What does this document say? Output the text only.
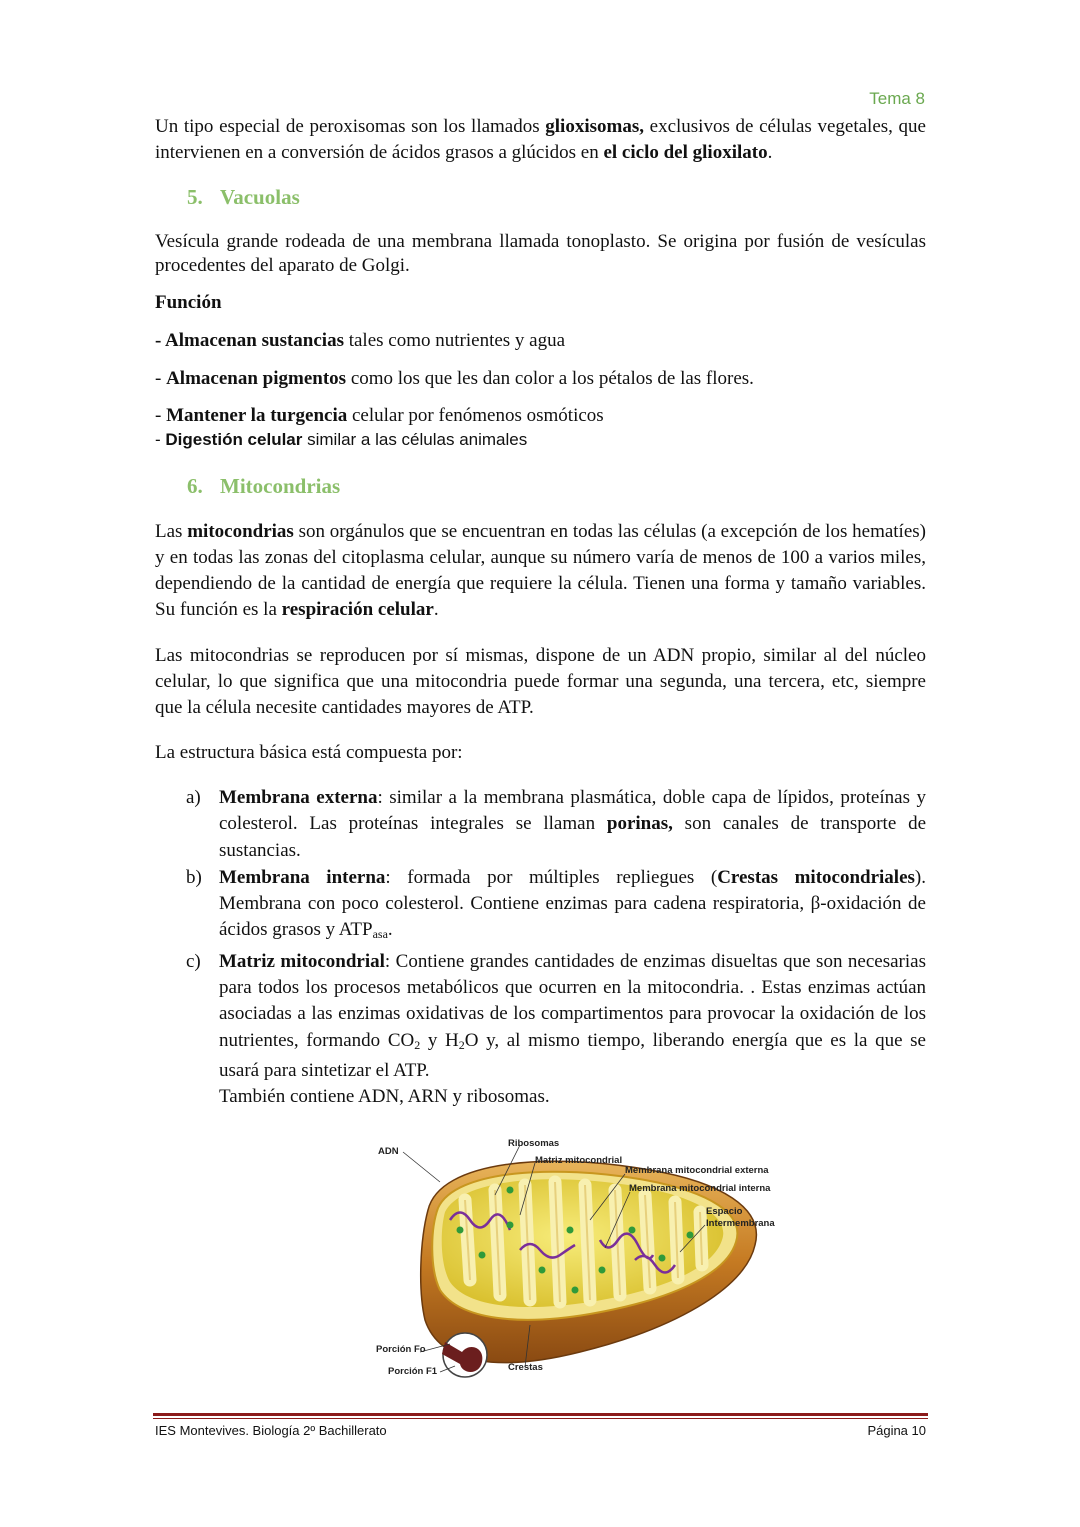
Tema 8

Un tipo especial de peroxisomas son los llamados glioxisomas, exclusivos de células vegetales, que intervienen en a conversión de ácidos grasos a glúcidos en el ciclo del glioxilato.

5. Vacuolas

Vesícula grande rodeada de una membrana llamada tonoplasto. Se origina por fusión de vesículas procedentes del aparato de Golgi.

Función

- Almacenan sustancias tales como nutrientes y agua

- Almacenan pigmentos como los que les dan color a los pétalos de las flores.

- Mantener la turgencia celular por fenómenos osmóticos

- Digestión celular similar a las células animales

6. Mitocondrias

Las mitocondrias son orgánulos que se encuentran en todas las células (a excepción de los hematíes) y en todas las zonas del citoplasma celular, aunque su número varía de menos de 100 a varios miles, dependiendo de la cantidad de energía que requiere la célula. Tienen una forma y tamaño variables. Su función es la respiración celular.

Las mitocondrias se reproducen por sí mismas, dispone de un ADN propio, similar al del núcleo celular, lo que significa que una mitocondria puede formar una segunda, una tercera, etc, siempre que la célula necesite cantidades mayores de ATP.

La estructura básica está compuesta por:

a) Membrana externa: similar a la membrana plasmática, doble capa de lípidos, proteínas y colesterol. Las proteínas integrales se llaman porinas, son canales de transporte de sustancias.
b) Membrana interna: formada por múltiples repliegues (Crestas mitocondriales). Membrana con poco colesterol. Contiene enzimas para cadena respiratoria, β-oxidación de ácidos grasos y $ATP_{asa}$.
c) Matriz mitocondrial: Contiene grandes cantidades de enzimas disueltas que son necesarias para todos los procesos metabólicos que ocurren en la mitocondria. . Estas enzimas actúan asociadas a las enzimas oxidativas de los compartimentos para provocar la oxidación de los nutrientes, formando $CO_2$ y $H_2O$ y, al mismo tiempo, liberando energía que es la que se usará para sintetizar el ATP.
También contiene ADN, ARN y ribosomas.
ADN
Ribosomas
Matriz mitocondrial
Membrana mitocondrial externa
Membrana mitocondrial interna
Espacio
Intermembrana
Porción Fo
Porción F1	Crestas
IES Montevives. Biología 2º Bachillerato	Página 10
